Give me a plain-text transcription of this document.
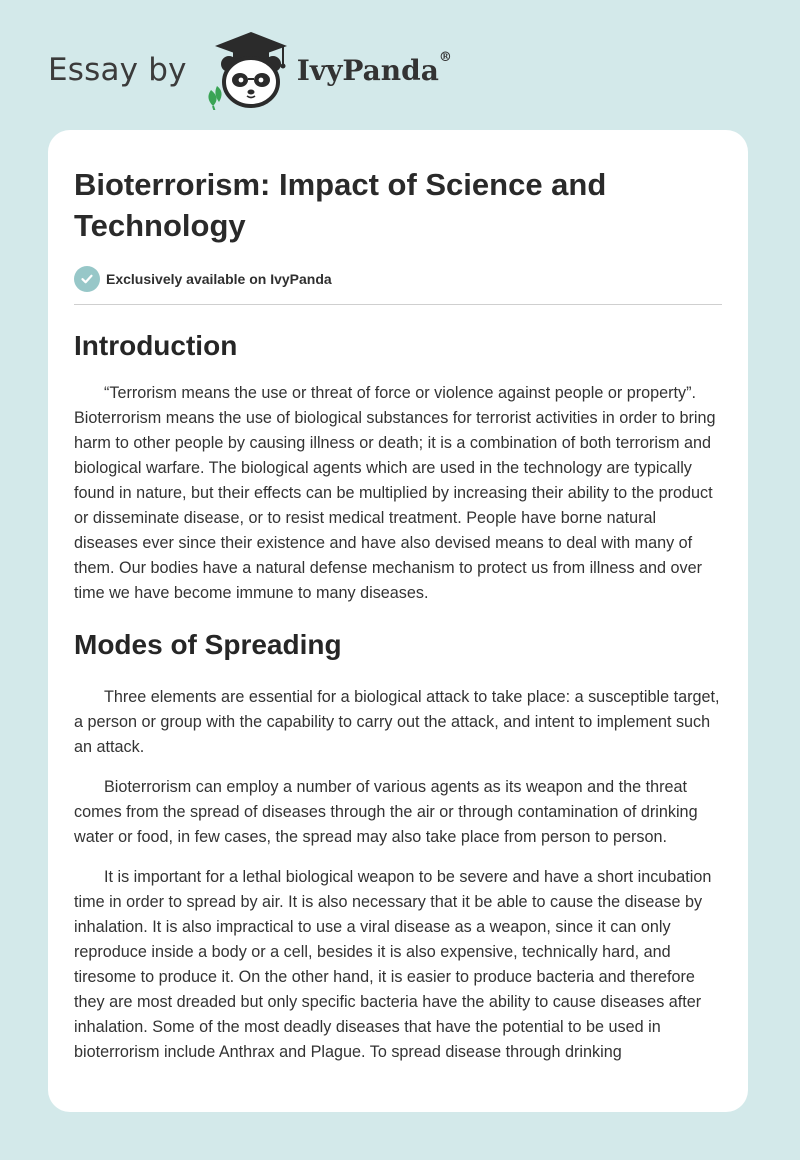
Essay by	IvyPanda®
Bioterrorism: Impact of Science and Technology
Exclusively available on IvyPanda
Introduction

“Terrorism means the use or threat of force or violence against people or property”. Bioterrorism means the use of biological substances for terrorist activities in order to bring harm to other people by causing illness or death; it is a combination of both terrorism and biological warfare. The biological agents which are used in the technology are typically found in nature, but their effects can be multiplied by increasing their ability to the product or disseminate disease, or to resist medical treatment. People have borne natural diseases ever since their existence and have also devised means to deal with many of them. Our bodies have a natural defense mechanism to protect us from illness and over time we have become immune to many diseases.

Modes of Spreading

Three elements are essential for a biological attack to take place: a susceptible target, a person or group with the capability to carry out the attack, and intent to implement such an attack.

Bioterrorism can employ a number of various agents as its weapon and the threat comes from the spread of diseases through the air or through contamination of drinking water or food, in few cases, the spread may also take place from person to person.

It is important for a lethal biological weapon to be severe and have a short incubation time in order to spread by air. It is also necessary that it be able to cause the disease by inhalation. It is also impractical to use a viral disease as a weapon, since it can only reproduce inside a body or a cell, besides it is also expensive, technically hard, and tiresome to produce it. On the other hand, it is easier to produce bacteria and therefore they are most dreaded but only specific bacteria have the ability to cause diseases after inhalation. Some of the most deadly diseases that have the potential to be used in bioterrorism include Anthrax and Plague. To spread disease through drinking
